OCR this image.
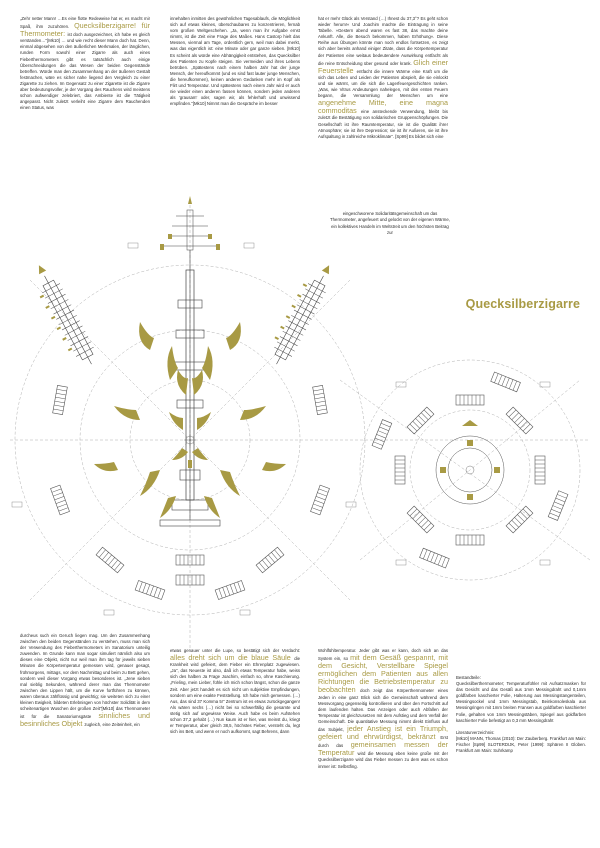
Quecksilberzigarre
„Zehr netter Mann! …Es eine flotte Redeweise hat er, es macht mir Spaß, ihm zuzuhören. Quecksilberzigarre! für Thermometer: ist doch ausgezeichnet, ich habe es gleich verstanden…"[Mk10] … und wie recht dieser Mann doch hat. Denn, einmal abgesehen von den äußerlichen Merkmalen, der länglichen, runden Form sowohl einer Zigarre als auch eines Fieberthermometers gibt es tatsächlich auch einige Überschneidungen die das Wesen der beiden Gegenstände betreffen. Würde man den Zusammenhang an der äußeren Gestalt festmachen, wäre es sicher nahe liegend den Vergleich zu einer Zigarette zu ziehen. Im Gegensatz zu einer Zigarette ist die Zigarre aber bedeutungsvoller, je der Vorgang des Rauchens wird meistens schon aufwendiger zelebriert, das Ambiente ist die Tätigkeit angepasst. Nicht zuletzt verleiht eine Zigarre dem Rauchenden einen Status, was
innehalten inmitten des gewöhnlichen Tagesablaufs, die Möglichkeit sich auf etwas kleines, überschaubares zu konzentrieren, fernab vom großen Weltgeschehen. „Ja, wenn man ihr Aufgabe ernst nimmt, ist die Zeit eine Frage des Maßes. Hans Castorp hielt das Messen, viermal am Tage, ordentlich gern, weil man dabei merkt, was das eigentlich ist: eine Minute oder gar ganze sieben. [Mk10] Es scheint als würde eine Abhängigkeit entstehen, das Quecksilber des Patienten zu Kopfe steigen. Sie vermeiden und ihres Lebens betrüben. „Spätestens nach einem halben Jahr hat der junge Mensch, der hereufkommt (und es sind fast lauter junge Menschen, die hereufkommen), keinen anderen Gedanken mehr im Kopf als Flirt und Temperatur. Und spätestens nach einem Jahr wird er auch nie wieder einen anderen fassen können, sondern jeden anderen als 'grausam' oder, sagen wir, als fehlerhaft und unwissend empfinden."[Mk10] Nimmt man die Gespräche im besser
hat er mehr Glück als Verstand (…) Ihnest du 37,3°? Es geht schon wieder herum!« Und Joachim machte die Eintragung in seine Tabelle. »Gestern abend waren es fast 38, das machte deine Ankunft. Alle, die Besuch bekommen, haben Erhöhung«. Diese Reihe aus Übungen könnte man noch endlos fortsetzen, es zeigt sich aber bereits anhand einiger Zitate, dass die Körpertemperatur der Patienten eine weitaus bedeutendere Auswirkung entfacht als die reine Entscheidung über gesund oder krank. Glich einer Feuerstelle entfacht die innere Wärme eine Kraft um die sich das Leben und Leiden der Patienten abspielt, die sie einlockt und sie wärmt, um die sich die Lagerfeuergeschichten ranken. „Was, wie Vitrus Andeutungen nahelegen, mit den ersten Feuern begann, die Versammlung der Menschen um eine angenehme Mitte, eine magna commoditas eine ansteckende Verwendung, bleibt bis zuletzt die Bestätigung von solidarischen Gruppenschöpfungen. Die Gesellschaft ist ihre Raumtemperatur, sie ist die Qualität ihrer Atmosphäre; sie ist ihre Depression; sie ist ihr Außeren, sie ist ihre Aufspaltung in zahlreiche Mikroklimate". [Sp99] Es bildet sich eine
eingeschworene Solidaritätsgemeinschaft um das Thermometer, angefeuert und gelockt von der eigenen Wärme, ein kollektives Handeln im Weltstreit um den höchsten Beitrag zur
durcheus such ein Geruch liegen mag. Um den Zusammenhang zwischen den beiden Gegenständen zu verstehen, muss man sich der Verwendung des Fieberthermometers im Sanatorium unteilig zuwenden. Im Grunde kann man sogar simuliert nämlich also um dieses eine Objekt, nicht nur weil man ihm tag für jeweils sieben Minuten die Körpertemperatur gemessen wird, genauer gesagt, frühmorgens, mittags, vor dem Nachmittag und beim zu Bett gehen, sondern weil dieser Vorgang etwas besonderes ist. „Jene sieben mal sieblig Sekunden, während derer man das Thermometer zwischen den Lippen hält, um die Kurve fortführen zu können, waren überaus zähflüssig und gewichtig; sie weiteten sich zu einer kleinen Ewigkeit, bildeten Erlebnisgen von höchster Solidität in dem scheitenartigen Wuschen der großen Zeit"[Mk10] das Thermometer ist für die Sanatoriumsgäste sinnliches und besinnliches Objekt zugleich, eine Zeiteinheit, ein
etwas genauer unter die Lupe, so bestätigt sich der Verdacht: alles dreht sich um die blaue Säule die Krankheit wird gefeiert, dem Fieber ein Ehrenplatz zugewiesen. „Ja", das Neueste ist also, daß ich etwas Temperatur habe, weiss sich des halben Ja Frage Joachim, einfach so, ohne Kaschierung. „Frieling, mein Lieber, fühle ich mich schon längst, schon die ganze Zeit. Aber jetzt handelt es sich nicht um subjektive Empfindungen, sondern um eine exakte Feststellung. Ich habe mich gemessen. (…) Aus, das sind 37 Komma 5!" Zentrum ist es etwas zurückgegangen! Als wären sechs (…) nicht bei so schwerfällig die gesamte und stetig sich auf ungewisse Weise. Auch habe es beim Aufstehen schon 37,2 gehabt (…) Nun kaum ist er hier, was meinst du, kriegt er Temperatur, aber gleich 38,5, höchstes Fieber, versteht du, legt sich ins Bett, und wenn er noch aufkommt, sagt Behrens, dann
Wohlfühltemperatur. Jeder gibt was er kann, doch sich an das System ein, so mit dem Gesäß gespannt, mit dem Gesicht, Verstellbare Spiegel ermöglichen dem Patienten aus allen Richtungen die Betriebstemperatur zu beobachten doch zeigt das Körperthermometer eines Jeden in eine ganz Blick sich die Gemeinschaft während dem Messvorgang gegenseitig kontrollieren und über den Fortschritt auf dem laufenden halten. Das Anzeigen oder auch Abfallen der Temperatur ist gleichzusetzen mit dem Aufstieg und dem Verfall der Gemeinschaft. Die quantitative Messung nimmt direkt Einfluss auf das Subjekt, jeder Anstieg ist ein Triumph, gefeiert und ehrwürdigst, bekränzt Erst durch das gemeinsamen messen der Temperatur wird die Messung eben keine große mit der Quecksilberzigarre wird das Fieber messen zu dem was es schon immer ist: Selbstfing.

Bestandteile:

Quecksilberthermometer; Temperaturfühler mit Aufsatzmasken für das Gesicht und das Gesäß aus 1mm Messingdraht und 0,1mm goldfarben kaschierter Folie, Halterung aus Messingstangenteilen, Messingsockel und 1mm Messingstab, Beinkonsoleskala aus Messingringen mit 1mm breiten Fransen aus goldfarben kaschierter Folie, gehalten von 1mm Messingstäben, Spiegel aus goldfarben kaschierter Folie befestigt an 0,3 mm Messingdraht

Literaturverzeichnis:

[Mk10] MANN, Thomas (2010): Der Zauberberg. Frankfurt am Main: Fischer [Sp99] SLOTERDIJK, Peter (1999): Sphären II Globen. Frankfurt am Main: Suhrkamp
